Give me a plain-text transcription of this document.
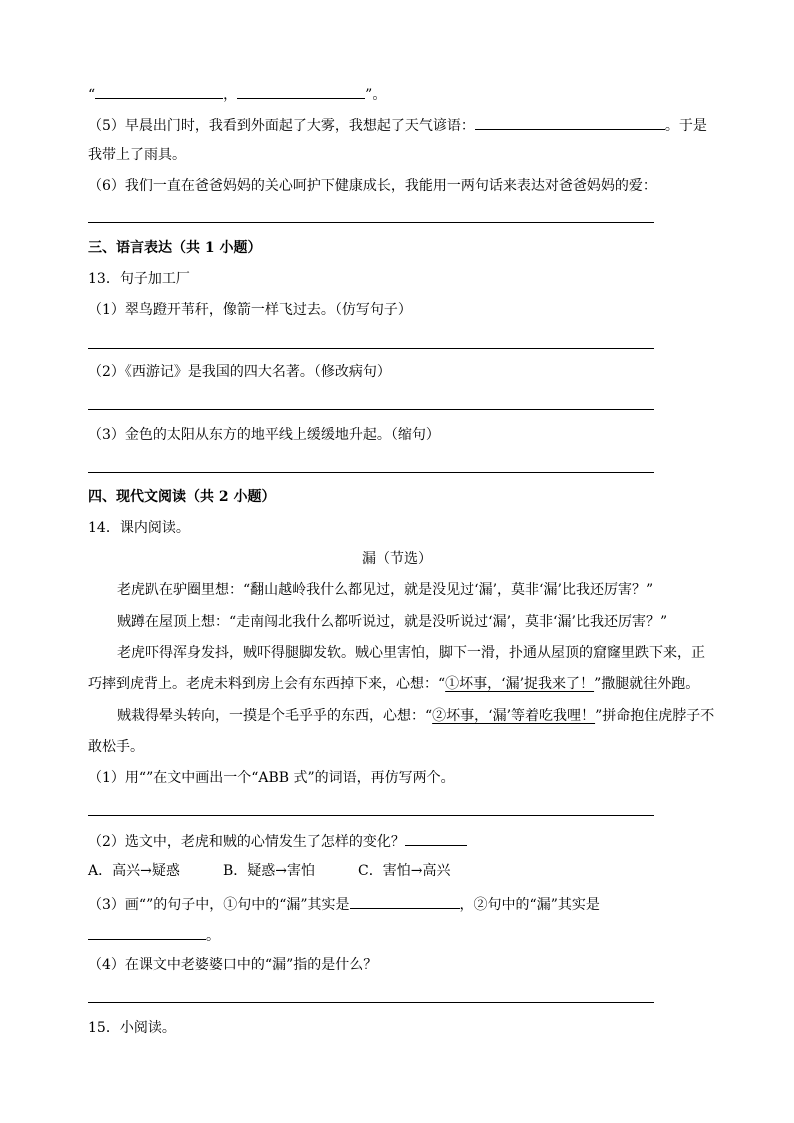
“	，	”。
（5）早晨出门时，我看到外面起了大雾，我想起了天气谚语：	。于是
我带上了雨具。
（6）我们一直在爸爸妈妈的关心呵护下健康成长，我能用一两句话来表达对爸爸妈妈的爱：
三、语言表达（共 1 小题）
13．句子加工厂
（1）翠鸟蹬开苇秆，像箭一样飞过去。（仿写句子）
（2）《西游记》是我国的四大名著。（修改病句）
（3）金色的太阳从东方的地平线上缓缓地升起。（缩句）
四、现代文阅读（共 2 小题）
14．课内阅读。
漏（节选）
老虎趴在驴圈里想：“翻山越岭我什么都见过，就是没见过‘漏’，莫非‘漏’比我还厉害？”
贼蹲在屋顶上想：“走南闯北我什么都听说过，就是没听说过‘漏’，莫非‘漏’比我还厉害？”
老虎吓得浑身发抖，贼吓得腿脚发软。贼心里害怕，脚下一滑，扑通从屋顶的窟窿里跌下来，正
巧摔到虎背上。老虎未料到房上会有东西掉下来，心想：“①坏事，‘漏’捉我来了！”撒腿就往外跑。
贼栽得晕头转向，一摸是个毛乎乎的东西，心想：“②坏事，‘漏’等着吃我哩！”拼命抱住虎脖子不
敢松手。
（1）用“”在文中画出一个“ABB 式”的词语，再仿写两个。
（2）选文中，老虎和贼的心情发生了怎样的变化？
A．高兴→疑惑	B．疑惑→害怕	C．害怕→高兴
（3）画“”的句子中，①句中的“漏”其实是	，②句中的“漏”其实是
。
（4）在课文中老婆婆口中的“漏”指的是什么？
15．小阅读。
